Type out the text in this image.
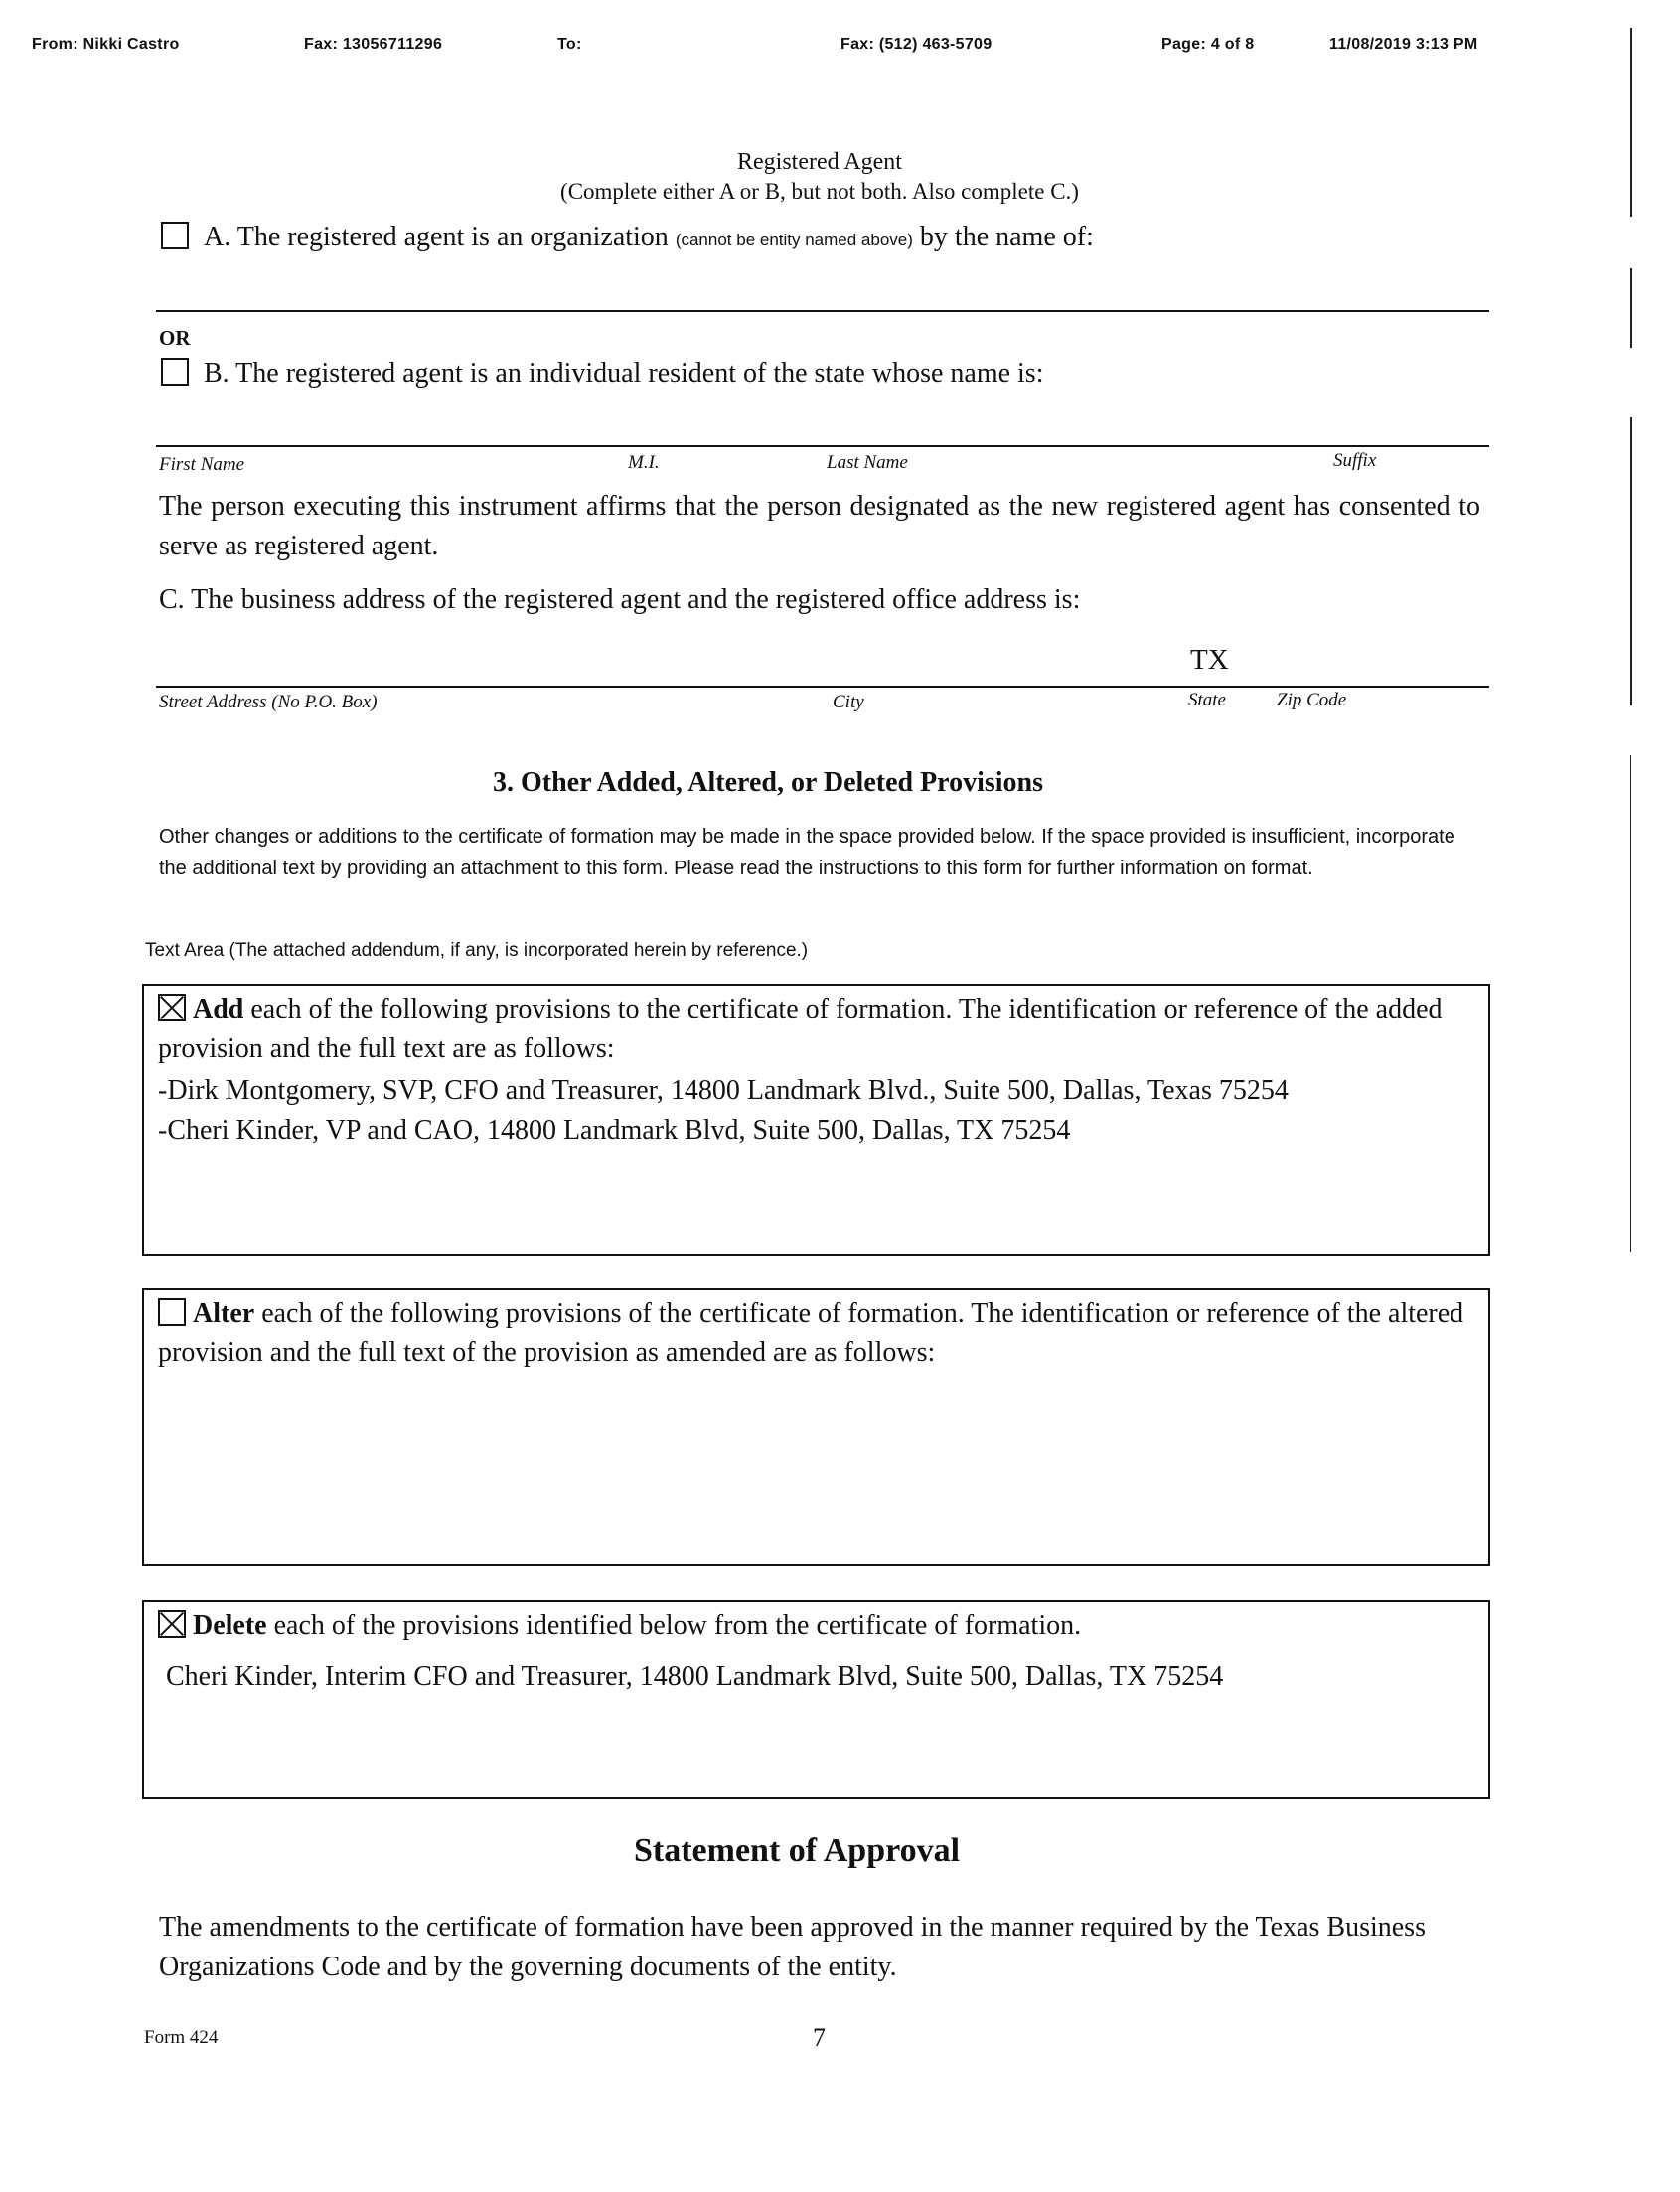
From: Nikki Castro	Fax: 13056711296	To:	Fax: (512) 463-5709	Page: 4 of 8	11/08/2019 3:13 PM
Registered Agent
(Complete either A or B, but not both. Also complete C.)
A. The registered agent is an organization (cannot be entity named above) by the name of:
OR
B. The registered agent is an individual resident of the state whose name is:
First Name	M.I.	Last Name	Suffix
The person executing this instrument affirms that the person designated as the new registered agent has consented to serve as registered agent.
C. The business address of the registered agent and the registered office address is:
TX
Street Address (No P.O. Box)	City	State	Zip Code
3. Other Added, Altered, or Deleted Provisions
Other changes or additions to the certificate of formation may be made in the space provided below. If the space provided is insufficient, incorporate the additional text by providing an attachment to this form. Please read the instructions to this form for further information on format.
Text Area (The attached addendum, if any, is incorporated herein by reference.)
Add each of the following provisions to the certificate of formation. The identification or reference of the added provision and the full text are as follows:
-Dirk Montgomery, SVP, CFO and Treasurer, 14800 Landmark Blvd., Suite 500, Dallas, Texas 75254
-Cheri Kinder, VP and CAO, 14800 Landmark Blvd, Suite 500, Dallas, TX 75254
Alter each of the following provisions of the certificate of formation. The identification or reference of the altered provision and the full text of the provision as amended are as follows:
Delete each of the provisions identified below from the certificate of formation.
Cheri Kinder, Interim CFO and Treasurer, 14800 Landmark Blvd, Suite 500, Dallas, TX 75254
Statement of Approval
The amendments to the certificate of formation have been approved in the manner required by the Texas Business Organizations Code and by the governing documents of the entity.
Form 424	7
